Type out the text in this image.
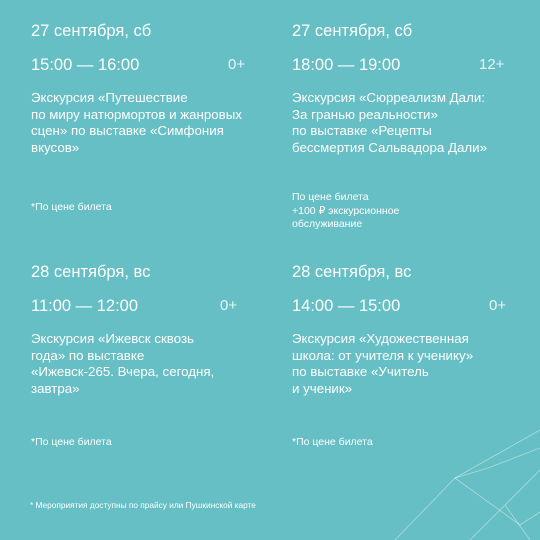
27 сентября, сб
15:00 — 16:00	0+
Экскурсия «Путешествие
по миру натюрмортов и жанровых
сцен» по выставке «Симфония
вкусов»
*По цене билета
27 сентября, сб
18:00 — 19:00	12+
Экскурсия «Сюрреализм Дали:
За гранью реальности»
по выставке «Рецепты
бессмертия Сальвадора Дали»
По цене билета
+100 ₽ экскурсионное
обслуживание
28 сентября, вс
11:00 — 12:00	0+
Экскурсия «Ижевск сквозь
года» по выставке
«Ижевск-265. Вчера, сегодня,
завтра»
*По цене билета
28 сентября, вс
14:00 — 15:00	0+
Экскурсия «Художественная
школа: от учителя к ученику»
по выставке «Учитель
и ученик»
*По цене билета
* Мероприятия доступны по прайсу или Пушкинской карте
